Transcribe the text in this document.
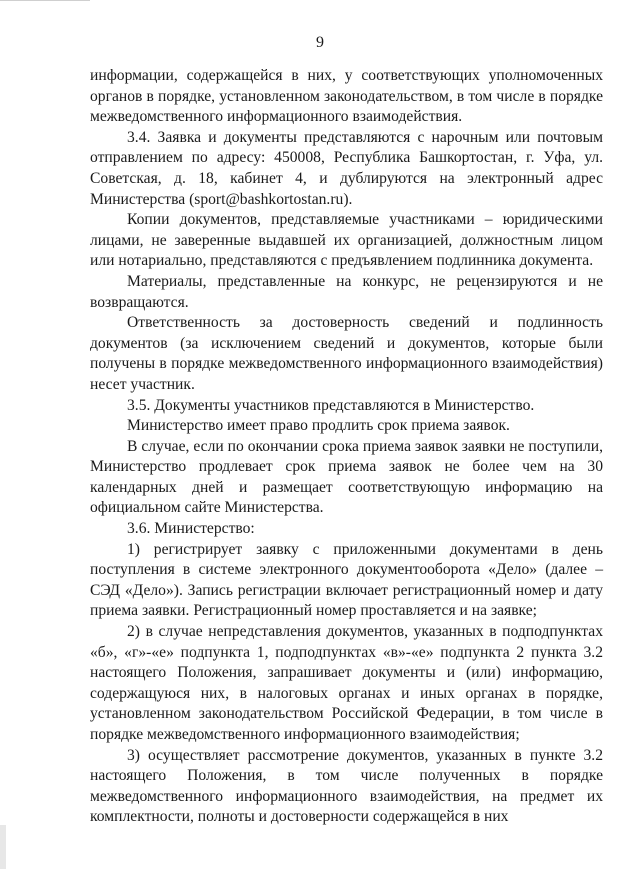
9

информации, содержащейся в них, у соответствующих уполномоченных органов в порядке, установленном законодательством, в том числе в порядке межведомственного информационного взаимодействия.

3.4. Заявка и документы представляются с нарочным или почтовым отправлением по адресу: 450008, Республика Башкортостан, г. Уфа, ул. Советская, д. 18, кабинет 4, и дублируются на электронный адрес Министерства (sport@bashkortostan.ru).

Копии документов, представляемые участниками – юридическими лицами, не заверенные выдавшей их организацией, должностным лицом или нотариально, представляются с предъявлением подлинника документа.

Материалы, представленные на конкурс, не рецензируются и не возвращаются.

Ответственность за достоверность сведений и подлинность документов (за исключением сведений и документов, которые были получены в порядке межведомственного информационного взаимодействия) несет участник.

3.5. Документы участников представляются в Министерство.

Министерство имеет право продлить срок приема заявок.

В случае, если по окончании срока приема заявок заявки не поступили, Министерство продлевает срок приема заявок не более чем на 30 календарных дней и размещает соответствующую информацию на официальном сайте Министерства.

3.6. Министерство:

1) регистрирует заявку с приложенными документами в день поступления в системе электронного документооборота «Дело» (далее – СЭД «Дело»). Запись регистрации включает регистрационный номер и дату приема заявки. Регистрационный номер проставляется и на заявке;

2) в случае непредставления документов, указанных в подподпунктах «б», «г»-«е» подпункта 1, подподпунктах «в»-«е» подпункта 2 пункта 3.2 настоящего Положения, запрашивает документы и (или) информацию, содержащуюся них, в налоговых органах и иных органах в порядке, установленном законодательством Российской Федерации, в том числе в порядке межведомственного информационного взаимодействия;

3) осуществляет рассмотрение документов, указанных в пункте 3.2 настоящего Положения, в том числе полученных в порядке межведомственного информационного взаимодействия, на предмет их комплектности, полноты и достоверности содержащейся в них
